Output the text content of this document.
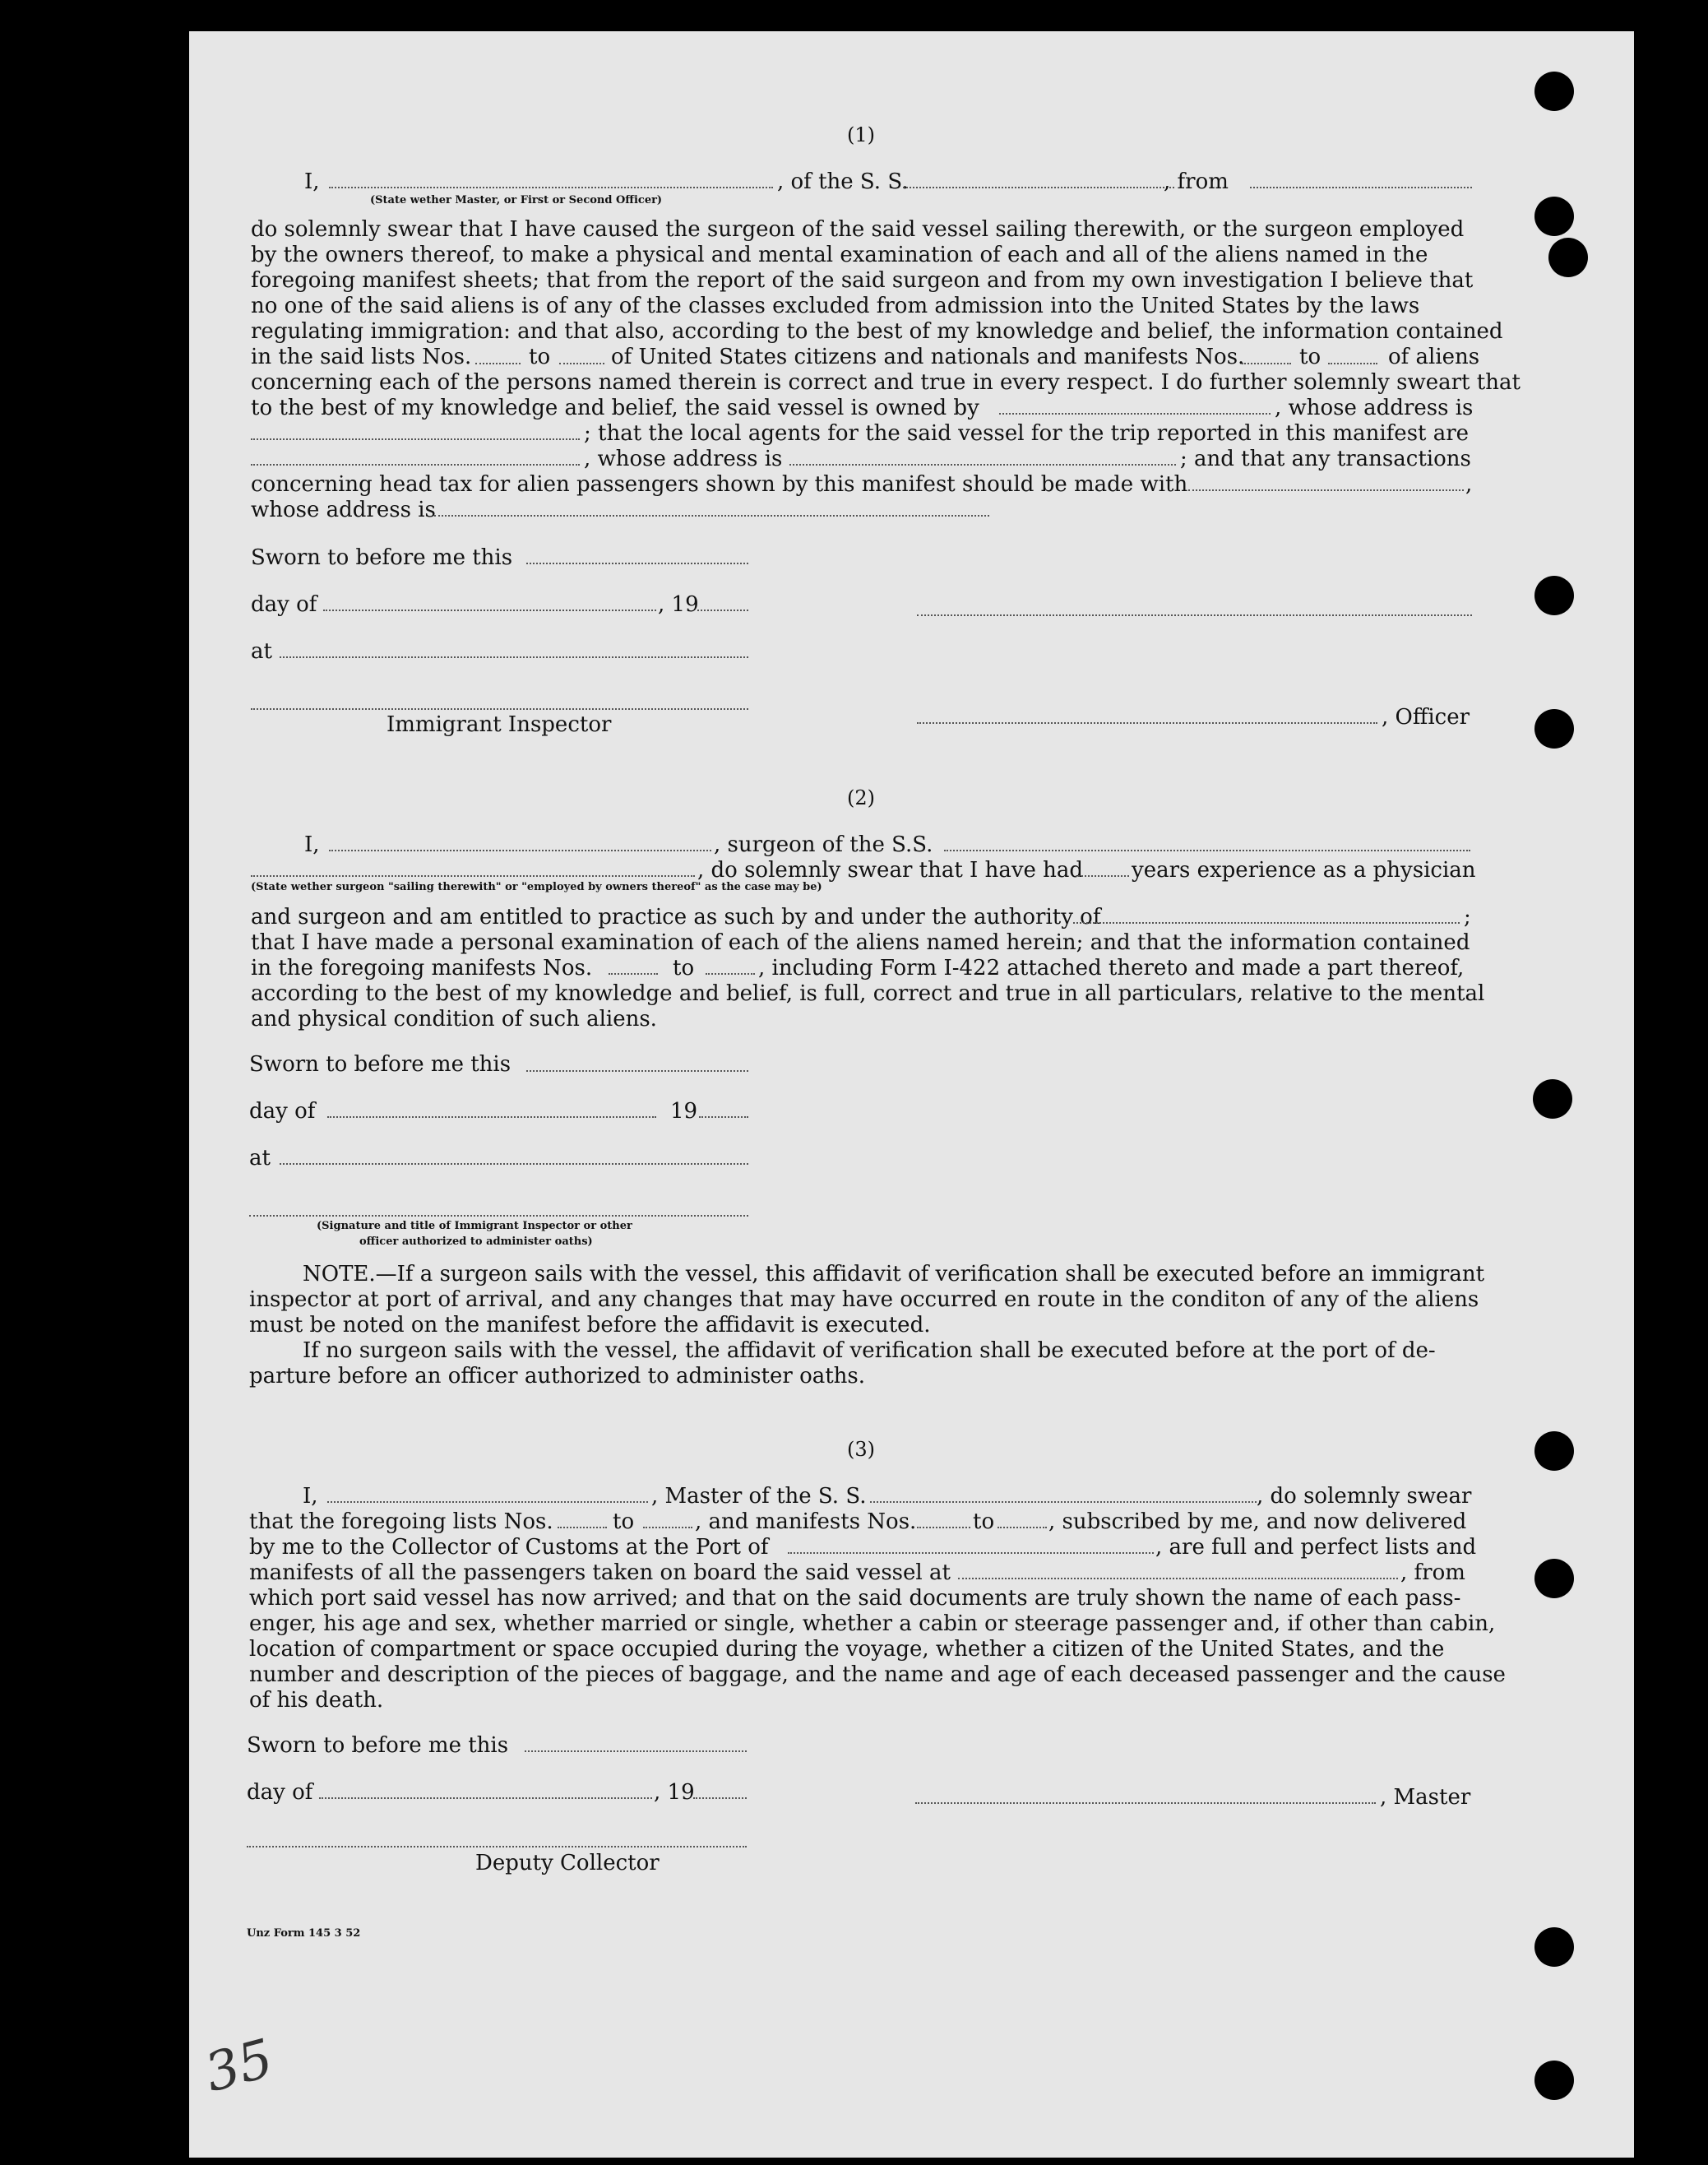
(1)
I,	, of the S. S.	, from
(State wether Master, or First or Second Officer)
do solemnly swear that I have caused the surgeon of the said vessel sailing therewith, or the surgeon employed
by the owners thereof, to make a physical and mental examination of each and all of the aliens named in the
foregoing manifest sheets; that from the report of the said surgeon and from my own investigation I believe that
no one of the said aliens is of any of the classes excluded from admission into the United States by the laws
regulating immigration: and that also, according to the best of my knowledge and belief, the information contained
in the said lists Nos.	to	of United States citizens and nationals and manifests Nos.	to	of aliens
concerning each of the persons named therein is correct and true in every respect. I do further solemnly sweart that
to the best of my knowledge and belief, the said vessel is owned by	, whose address is
; that the local agents for the said vessel for the trip reported in this manifest are
, whose address is	; and that any transactions
concerning head tax for alien passengers shown by this manifest should be made with	,
whose address is
Sworn to before me this
day of	, 19
at
Immigrant Inspector	, Officer
(2)
I,	, surgeon of the S.S.
, do solemnly swear that I have had years experience as a physician
(State wether surgeon "sailing therewith" or "employed by owners thereof" as the case may be)
and surgeon and am entitled to practice as such by and under the authority of	;
that I have made a personal examination of each of the aliens named herein; and that the information contained
in the foregoing manifests Nos.	to	, including Form I-422 attached thereto and made a part thereof,
according to the best of my knowledge and belief, is full, correct and true in all particulars, relative to the mental
and physical condition of such aliens.
Sworn to before me this
day of	19
at
(Signature and title of Immigrant Inspector or other
officer authorized to administer oaths)
NOTE.—If a surgeon sails with the vessel, this affidavit of verification shall be executed before an immigrant
inspector at port of arrival, and any changes that may have occurred en route in the conditon of any of the aliens
must be noted on the manifest before the affidavit is executed.
If no surgeon sails with the vessel, the affidavit of verification shall be executed before at the port of de-
parture before an officer authorized to administer oaths.
(3)
I,	, Master of the S. S.	, do solemnly swear
that the foregoing lists Nos.	to	, and manifests Nos.	to	, subscribed by me, and now delivered
by me to the Collector of Customs at the Port of	, are full and perfect lists and
manifests of all the passengers taken on board the said vessel at	, from
which port said vessel has now arrived; and that on the said documents are truly shown the name of each pass-
enger, his age and sex, whether married or single, whether a cabin or steerage passenger and, if other than cabin,
location of compartment or space occupied during the voyage, whether a citizen of the United States, and the
number and description of the pieces of baggage, and the name and age of each deceased passenger and the cause
of his death.
Sworn to before me this
day of	, 19	, Master
Deputy Collector
Unz Form 145 3 52
35
